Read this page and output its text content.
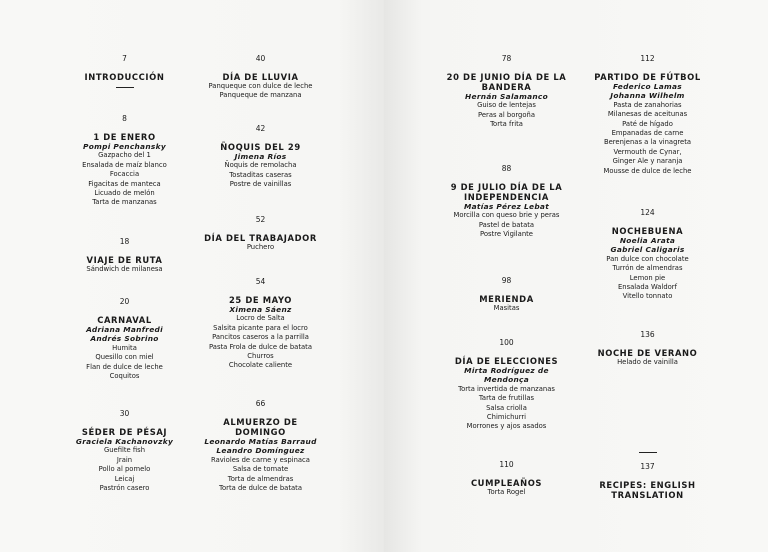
7
INTRODUCCIÓN
8
1 DE ENERO
Pompi Penchansky
Gazpacho del 1
Ensalada de maíz blanco
Focaccia
Figacitas de manteca
Licuado de melón
Tarta de manzanas
18
VIAJE DE RUTA
Sándwich de milanesa
20
CARNAVAL
Adriana Manfredi
Andrés Sobrino
Humita
Quesillo con miel
Flan de dulce de leche
Coquitos
30
SÉDER DE PÉSAJ
Graciela Kachanovzky
Guefilte fish
Jrain
Pollo al pomelo
Leicaj
Pastrón casero
40
DÍA DE LLUVIA
Panqueque con dulce de leche
Panqueque de manzana
42
ÑOQUIS DEL 29
Jimena Ríos
Ñoquis de remolacha
Tostaditas caseras
Postre de vainillas
52
DÍA DEL TRABAJADOR
Puchero
54
25 DE MAYO
Ximena Sáenz
Locro de Salta
Salsita picante para el locro
Pancitos caseros a la parrilla
Pasta Frola de dulce de batata
Churros
Chocolate caliente
66
ALMUERZO DE DOMINGO
Leonardo Matías Barraud
Leandro Domínguez
Ravioles de carne y espinaca
Salsa de tomate
Torta de almendras
Torta de dulce de batata
78
20 DE JUNIO DÍA DE LA BANDERA
Hernán Salamanco
Guiso de lentejas
Peras al borgoña
Torta frita
88
9 DE JULIO DÍA DE LA INDEPENDENCIA
Matías Pérez Lebat
Morcilla con queso brie y peras
Pastel de batata
Postre Vigilante
98
MERIENDA
Masitas
100
DÍA DE ELECCIONES
Mirta Rodríguez de Mendonça
Torta invertida de manzanas
Tarta de frutillas
Salsa criolla
Chimichurri
Morrones y ajos asados
110
CUMPLEAÑOS
Torta Rogel
112
PARTIDO DE FÚTBOL
Federico Lamas
Johanna Wilhelm
Pasta de zanahorias
Milanesas de aceitunas
Paté de hígado
Empanadas de carne
Berenjenas a la vinagreta
Vermouth de Cynar,
Ginger Ale y naranja
Mousse de dulce de leche
124
NOCHEBUENA
Noelia Arata
Gabriel Caligaris
Pan dulce con chocolate
Turrón de almendras
Lemon pie
Ensalada Waldorf
Vitello tonnato
136
NOCHE DE VERANO
Helado de vainilla
137
RECIPES: ENGLISH TRANSLATION
